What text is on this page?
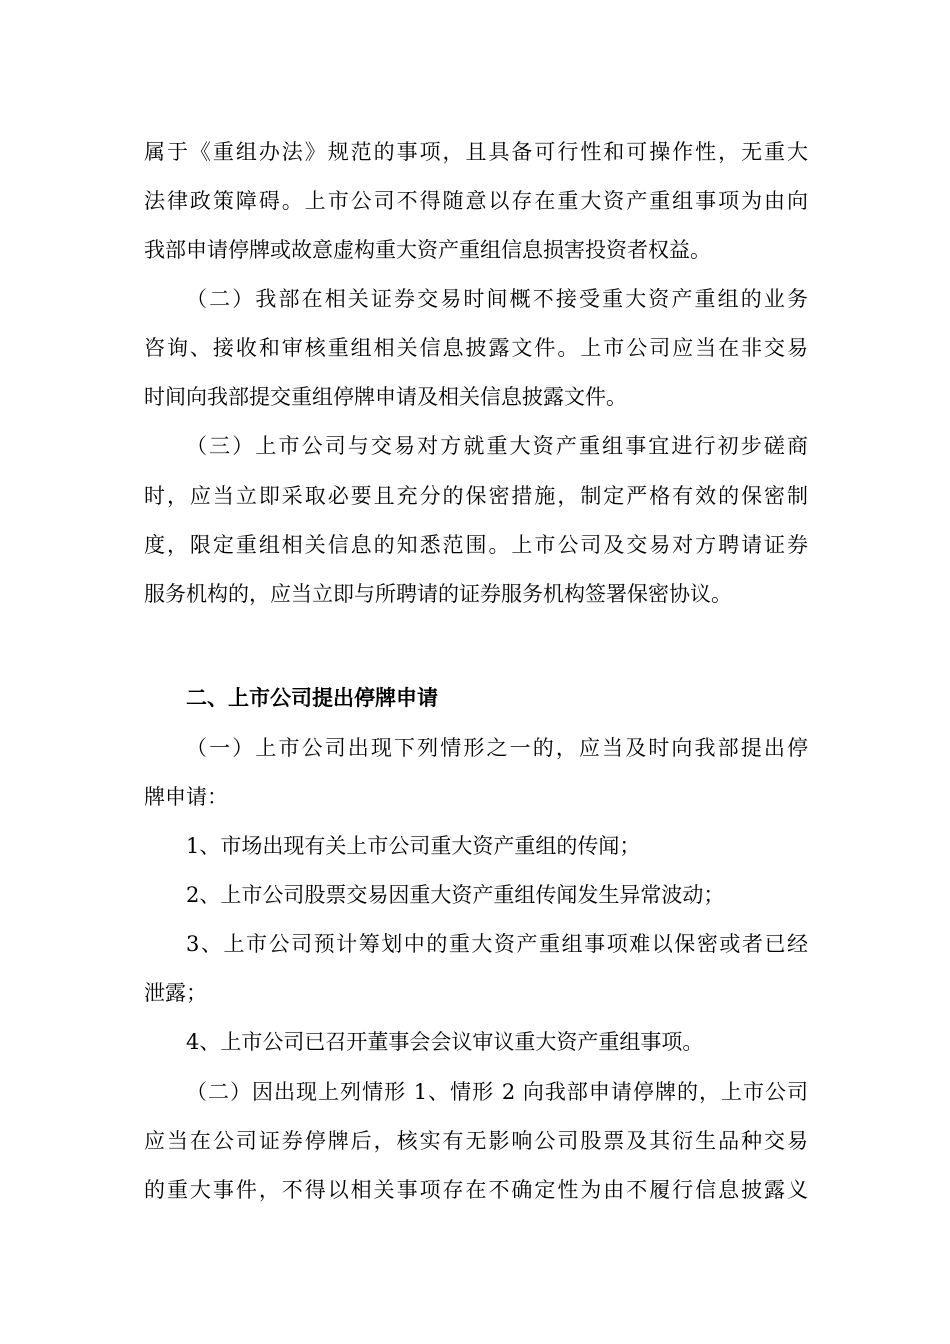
属于《重组办法》规范的事项，且具备可行性和可操作性，无重大
法律政策障碍。上市公司不得随意以存在重大资产重组事项为由向
我部申请停牌或故意虚构重大资产重组信息损害投资者权益。
（二）我部在相关证券交易时间概不接受重大资产重组的业务
咨询、接收和审核重组相关信息披露文件。上市公司应当在非交易
时间向我部提交重组停牌申请及相关信息披露文件。
（三）上市公司与交易对方就重大资产重组事宜进行初步磋商
时，应当立即采取必要且充分的保密措施，制定严格有效的保密制
度，限定重组相关信息的知悉范围。上市公司及交易对方聘请证券
服务机构的，应当立即与所聘请的证券服务机构签署保密协议。
二、上市公司提出停牌申请
（一）上市公司出现下列情形之一的，应当及时向我部提出停
牌申请：
1、市场出现有关上市公司重大资产重组的传闻；
2、上市公司股票交易因重大资产重组传闻发生异常波动；
3、上市公司预计筹划中的重大资产重组事项难以保密或者已经
泄露；
4、上市公司已召开董事会会议审议重大资产重组事项。
（二）因出现上列情形 1、情形 2 向我部申请停牌的，上市公司
应当在公司证券停牌后，核实有无影响公司股票及其衍生品种交易
的重大事件，不得以相关事项存在不确定性为由不履行信息披露义
